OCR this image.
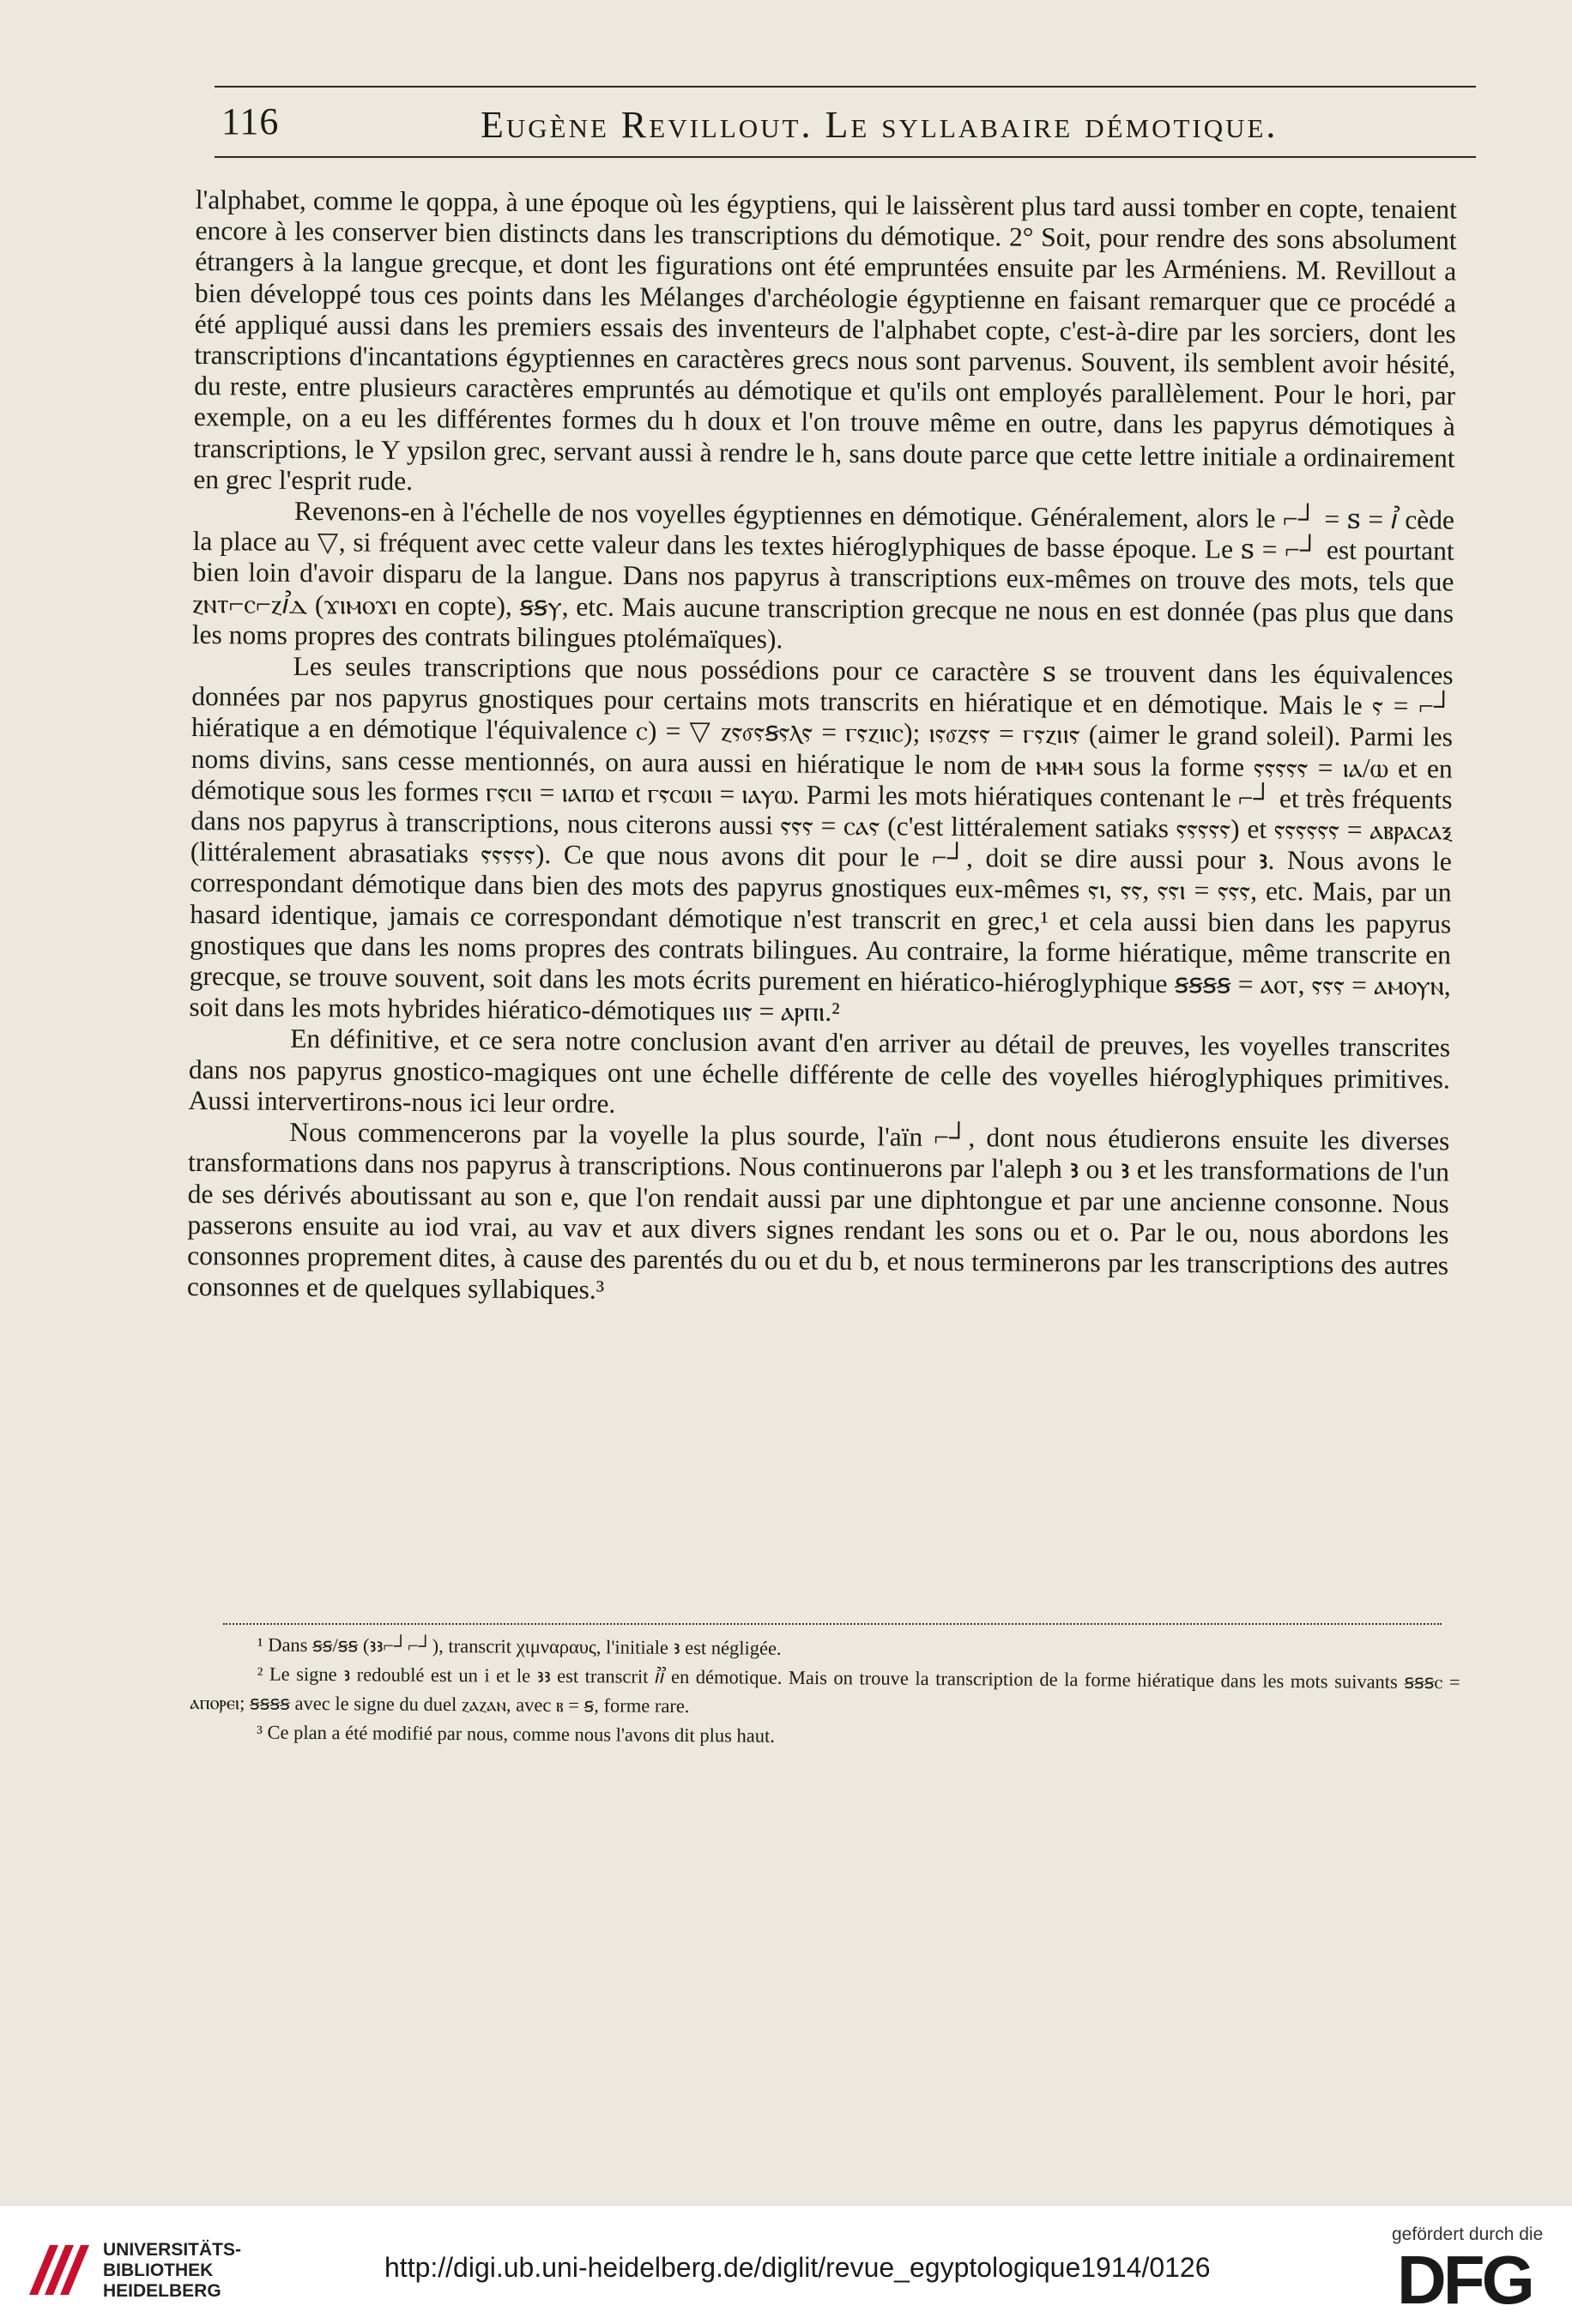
116	Eugène Revillout. Le syllabaire démotique.

l'alphabet, comme le qoppa, à une époque où les égyptiens, qui le laissèrent plus tard aussi tomber en copte, tenaient encore à les conserver bien distincts dans les transcriptions du démotique. 2° Soit, pour rendre des sons absolument étrangers à la langue grecque, et dont les figurations ont été empruntées ensuite par les Arméniens. M. Revillout a bien développé tous ces points dans les Mélanges d'archéologie égyptienne en faisant remarquer que ce procédé a été appliqué aussi dans les premiers essais des inventeurs de l'alphabet copte, c'est-à-dire par les sorciers, dont les transcriptions d'incantations égyptiennes en caractères grecs nous sont parvenus. Souvent, ils semblent avoir hésité, du reste, entre plusieurs caractères empruntés au démotique et qu'ils ont employés parallèlement. Pour le hori, par exemple, on a eu les différentes formes du h doux et l'on trouve même en outre, dans les papyrus démotiques à transcriptions, le Υ ypsilon grec, servant aussi à rendre le h, sans doute parce que cette lettre initiale a ordinairement en grec l'esprit rude.

Revenons-en à l'échelle de nos voyelles égyptiennes en démotique. Généralement, alors le ⌐┘ = ꜱ = ꞽ cède la place au ▽, si fréquent avec cette valeur dans les textes hiéroglyphiques de basse époque. Le ꜱ = ⌐┘ est pourtant bien loin d'avoir disparu de la langue. Dans nos papyrus à transcriptions eux-mêmes on trouve des mots, tels que ⲍⲛⲧ⌐ⲥ⌐ⲍꞽⲇ (ϫⲓⲙⲟϫⲓ en copte), ꞩꞩⲩ, etc. Mais aucune transcription grecque ne nous en est donnée (pas plus que dans les noms propres des contrats bilingues ptolémaïques).

Les seules transcriptions que nous possédions pour ce caractère ꜱ se trouvent dans les équivalences données par nos papyrus gnostiques pour certains mots transcrits en hiératique et en démotique. Mais le ⲋ = ⌐┘ hiératique a en démotique l'équivalence ⲥ) = ▽ ⲍⲋⳝⲋꞩⲋⲗⲋ = ⲅⲋⲍⲓⲓⲥ); ⲓⲋⳝⲍⲋⲋ = ⲅⲋⲍⲓⲓⲋ (aimer le grand soleil). Parmi les noms divins, sans cesse mentionnés, on aura aussi en hiératique le nom de ⲙⲙⲙ sous la forme ⲋⲋⲋⲋⲋ = ⲓⲁ/ⲱ et en démotique sous les formes ⲅⲋⲥⲓⲓ = ⲓⲁⲡⲱ et ⲅⲋⲥⲱⲓⲓ = ⲓⲁⲩⲱ. Parmi les mots hiératiques contenant le ⌐┘ et très fréquents dans nos papyrus à transcriptions, nous citerons aussi ⲋⲋⲋ = ⲥⲁⲋ (c'est littéralement satiaks ⲋⲋⲋⲋⲋ) et ⲋⲋⲋⲋⲋⲋ = ⲁⲃⲣⲁⲥⲁⲝ (littéralement abrasatiaks ⲋⲋⲋⲋⲋ). Ce que nous avons dit pour le ⌐┘, doit se dire aussi pour ꜣ. Nous avons le correspondant démotique dans bien des mots des papyrus gnostiques eux-mêmes ⲋⲓ, ⲋⲋ, ⲋⲋⲓ = ⲋⲋⲋ, etc. Mais, par un hasard identique, jamais ce correspondant démotique n'est transcrit en grec,¹ et cela aussi bien dans les papyrus gnostiques que dans les noms propres des contrats bilingues. Au contraire, la forme hiératique, même transcrite en grecque, se trouve souvent, soit dans les mots écrits purement en hiératico-hiéroglyphique ꞩꞩꞩꞩ = ⲁⲟⲧ, ⲋⲋⲋ = ⲁⲙⲟⲩⲛ, soit dans les mots hybrides hiératico-démotiques ⲓⲓⲓⲋ = ⲁⲣⲡⲓ.²

En définitive, et ce sera notre conclusion avant d'en arriver au détail de preuves, les voyelles transcrites dans nos papyrus gnostico-magiques ont une échelle différente de celle des voyelles hiéroglyphiques primitives. Aussi intervertirons-nous ici leur ordre.

Nous commencerons par la voyelle la plus sourde, l'aïn ⌐┘, dont nous étudierons ensuite les diverses transformations dans nos papyrus à transcriptions. Nous continuerons par l'aleph ꜣ ou ꜣ et les transformations de l'un de ses dérivés aboutissant au son e, que l'on rendait aussi par une diphtongue et par une ancienne consonne. Nous passerons ensuite au iod vrai, au vav et aux divers signes rendant les sons ou et o. Par le ou, nous abordons les consonnes proprement dites, à cause des parentés du ou et du b, et nous terminerons par les transcriptions des autres consonnes et de quelques syllabiques.³

¹ Dans ꞩꞩ/ꞩꞩ (ꜣꜣ⌐┘⌐┘), transcrit χιμναραυς, l'initiale ꜣ est négligée.

² Le signe ꜣ redoublé est un i et le ꜣꜣ est transcrit ꞽꞽ en démotique. Mais on trouve la transcription de la forme hiératique dans les mots suivants ꞩꞩꞩⲥ = ⲁⲡⲟⲣⲉⲓ; ꞩꞩꞩꞩ avec le signe du duel ⲍⲁⲍⲁⲛ, avec ⲃ = ꞩ, forme rare.

³ Ce plan a été modifié par nous, comme nous l'avons dit plus haut.

UNIVERSITÄTS-
BIBLIOTHEK
HEIDELBERG
http://digi.ub.uni-heidelberg.de/diglit/revue_egyptologique1914/0126
gefördert durch die
DFG
